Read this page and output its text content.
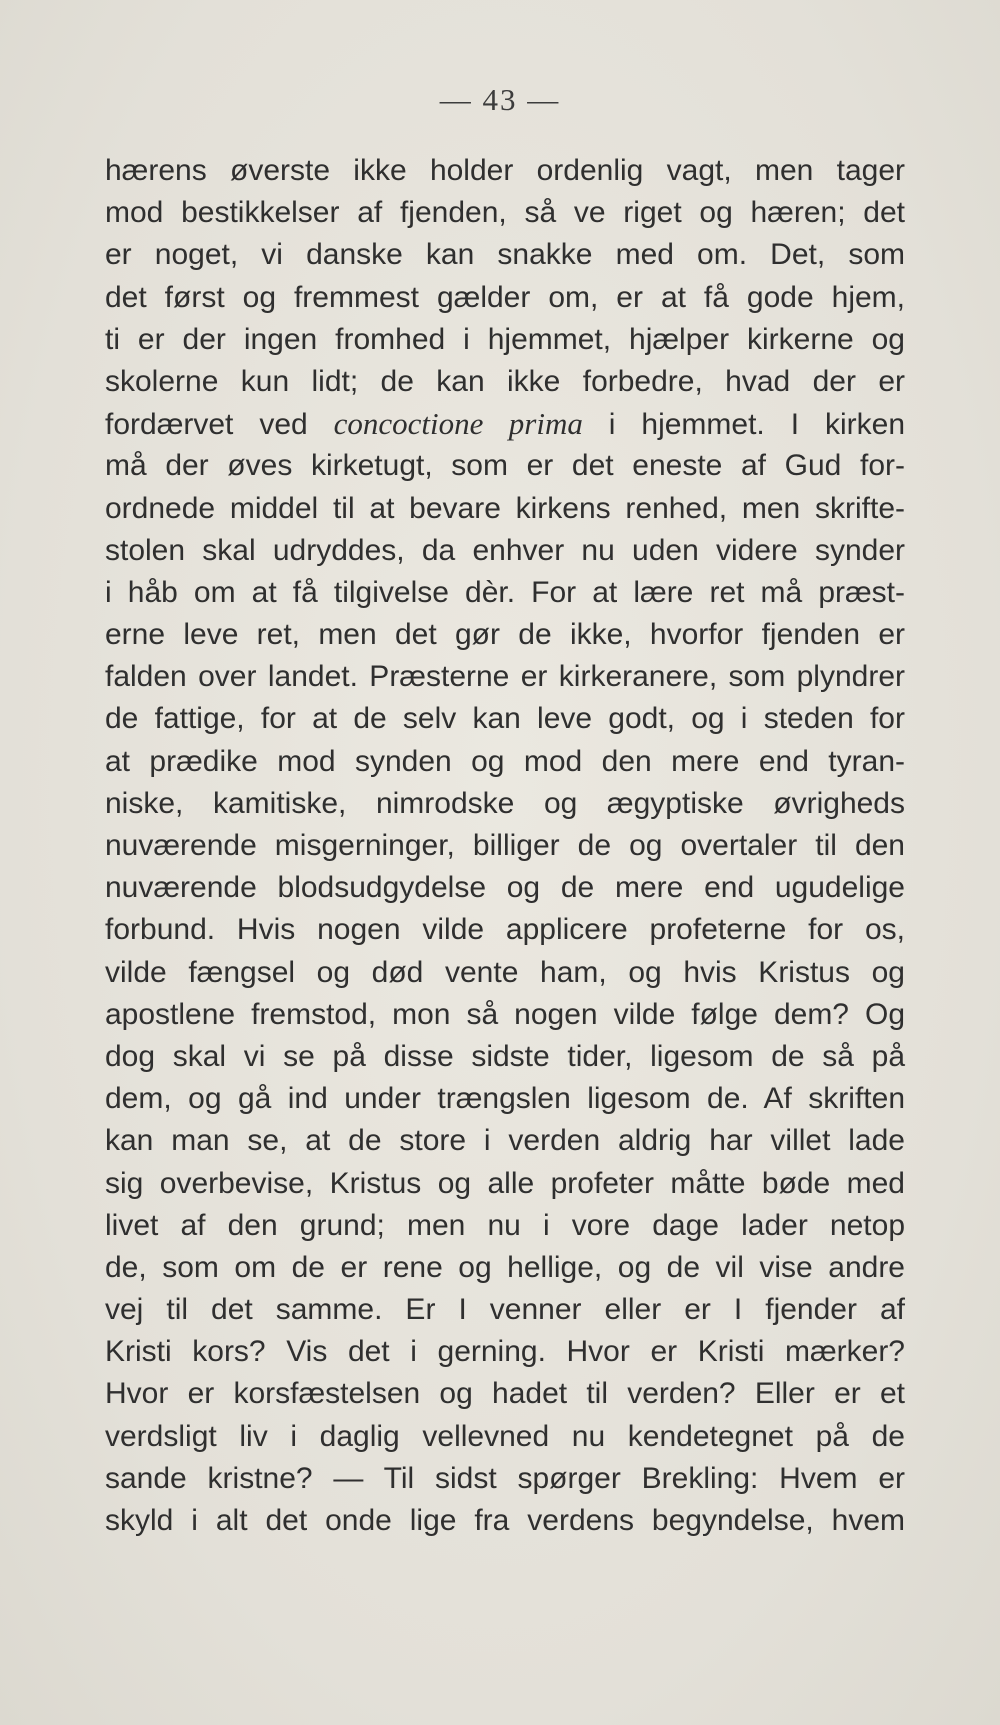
— 43 —
hærens øverste ikke holder ordenlig vagt, men tager
mod bestikkelser af fjenden, så ve riget og hæren; det
er noget, vi danske kan snakke med om. Det, som
det først og fremmest gælder om, er at få gode hjem,
ti er der ingen fromhed i hjemmet, hjælper kirkerne og
skolerne kun lidt; de kan ikke forbedre, hvad der er
fordærvet ved concoctione prima i hjemmet. I kirken
må der øves kirketugt, som er det eneste af Gud for-
ordnede middel til at bevare kirkens renhed, men skrifte-
stolen skal udryddes, da enhver nu uden videre synder
i håb om at få tilgivelse dèr. For at lære ret må præst-
erne leve ret, men det gør de ikke, hvorfor fjenden er
falden over landet. Præsterne er kirkeranere, som plyndrer
de fattige, for at de selv kan leve godt, og i steden for
at prædike mod synden og mod den mere end tyran-
niske, kamitiske, nimrodske og ægyptiske øvrigheds
nuværende misgerninger, billiger de og overtaler til den
nuværende blodsudgydelse og de mere end ugudelige
forbund. Hvis nogen vilde applicere profeterne for os,
vilde fængsel og død vente ham, og hvis Kristus og
apostlene fremstod, mon så nogen vilde følge dem? Og
dog skal vi se på disse sidste tider, ligesom de så på
dem, og gå ind under trængslen ligesom de. Af skriften
kan man se, at de store i verden aldrig har villet lade
sig overbevise, Kristus og alle profeter måtte bøde med
livet af den grund; men nu i vore dage lader netop
de, som om de er rene og hellige, og de vil vise andre
vej til det samme. Er I venner eller er I fjender af
Kristi kors? Vis det i gerning. Hvor er Kristi mærker?
Hvor er korsfæstelsen og hadet til verden? Eller er et
verdsligt liv i daglig vellevned nu kendetegnet på de
sande kristne? — Til sidst spørger Brekling: Hvem er
skyld i alt det onde lige fra verdens begyndelse, hvem
